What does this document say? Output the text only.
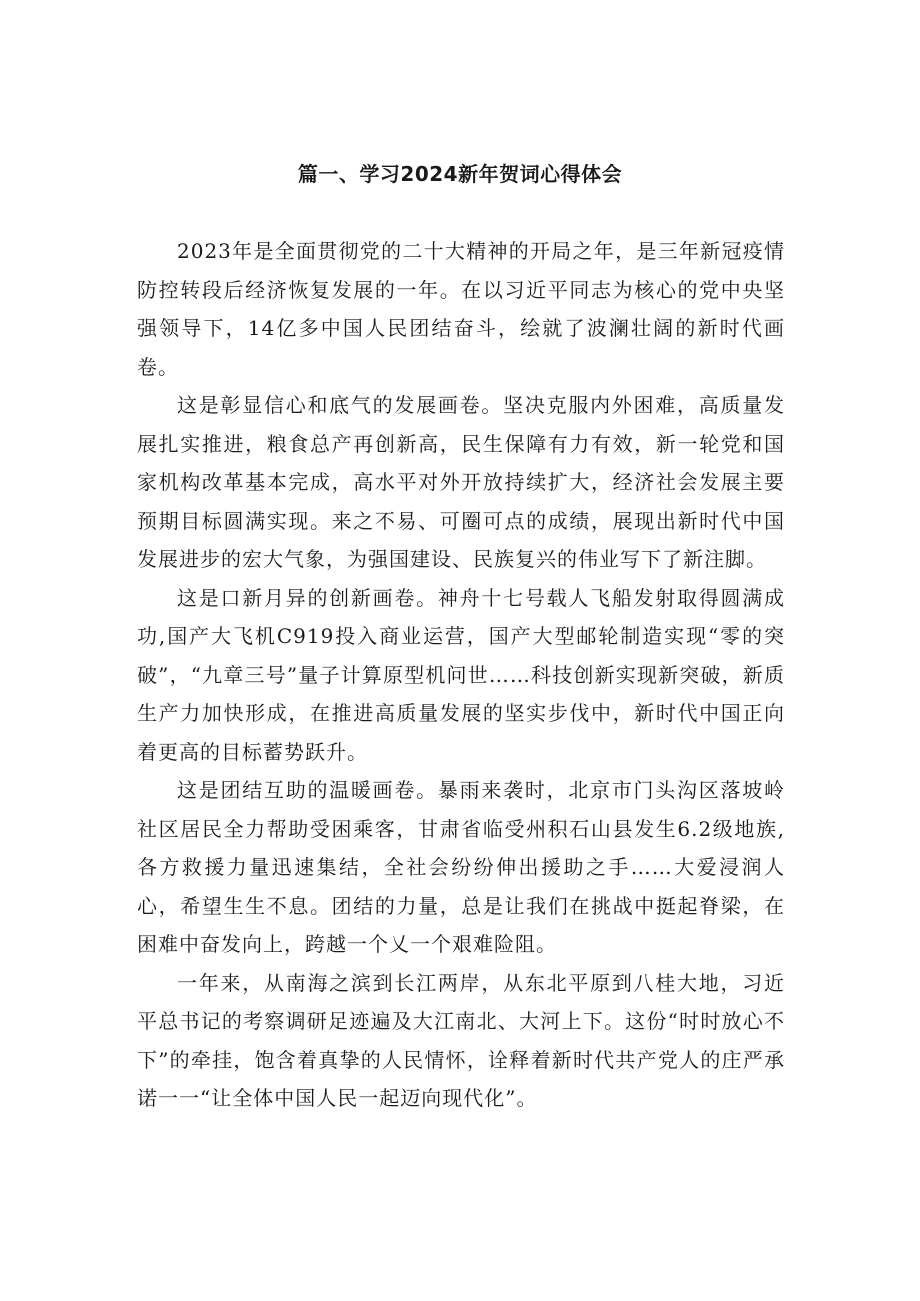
篇一、学习2024新年贺词心得体会

2023年是全面贯彻党的二十大精神的开局之年，是三年新冠疫情防控转段后经济恢复发展的一年。在以习近平同志为核心的党中央坚强领导下，14亿多中国人民团结奋斗，绘就了波澜壮阔的新时代画卷。

这是彰显信心和底气的发展画卷。坚决克服内外困难，高质量发展扎实推进，粮食总产再创新高，民生保障有力有效，新一轮党和国家机构改革基本完成，高水平对外开放持续扩大，经济社会发展主要预期目标圆满实现。来之不易、可圈可点的成绩，展现出新时代中国发展进步的宏大气象，为强国建设、民族复兴的伟业写下了新注脚。

这是口新月异的创新画卷。神舟十七号载人飞船发射取得圆满成功,国产大飞机C919投入商业运营，国产大型邮轮制造实现“零的突破”，“九章三号”量子计算原型机问世……科技创新实现新突破，新质生产力加快形成，在推进高质量发展的坚实步伐中，新时代中国正向着更高的目标蓄势跃升。

这是团结互助的温暖画卷。暴雨来袭时，北京市门头沟区落坡岭社区居民全力帮助受困乘客，甘肃省临受州积石山县发生6.2级地族,各方救援力量迅速集结，全社会纷纷伸出援助之手……大爱浸润人心，希望生生不息。团结的力量，总是让我们在挑战中挺起脊梁，在困难中奋发向上，跨越一个乂一个艰难险阻。

一年来，从南海之滨到长江两岸，从东北平原到八桂大地，习近平总书记的考察调研足迹遍及大江南北、大河上下。这份“时时放心不下”的牵挂，饱含着真挚的人民情怀，诠释着新时代共产党人的庄严承诺一一“让全体中国人民一起迈向现代化”。
